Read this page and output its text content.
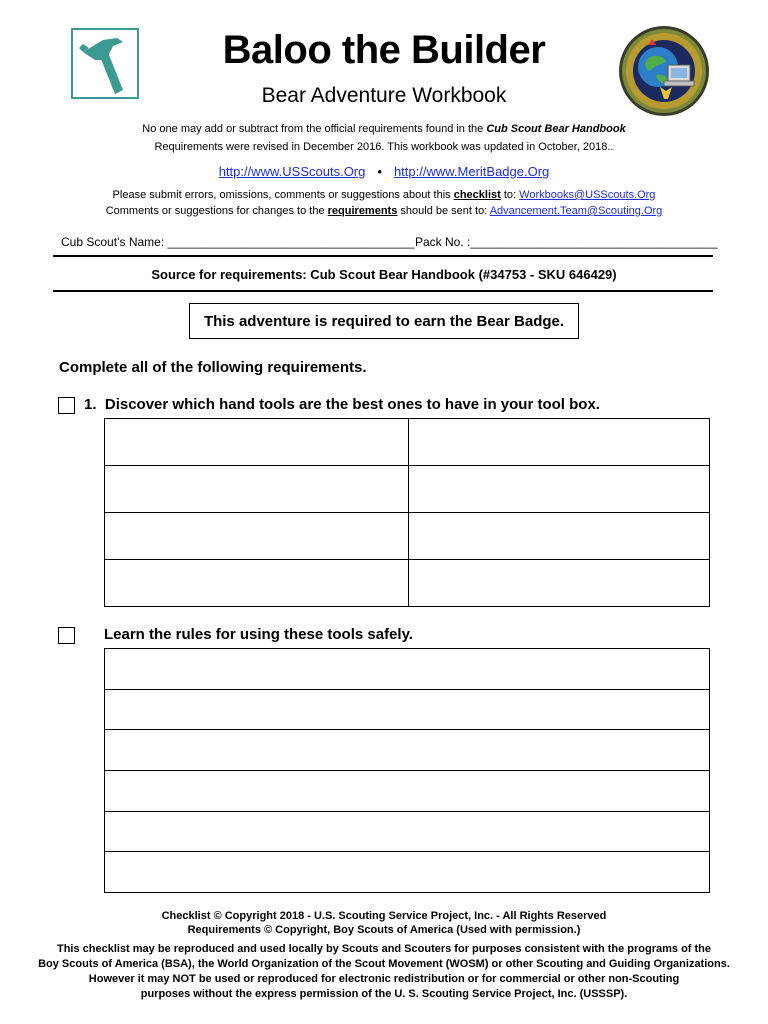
Baloo the Builder
Bear Adventure Workbook
No one may add or subtract from the official requirements found in the Cub Scout Bear Handbook
Requirements were revised in December 2016. This workbook was updated in October, 2018..
http://www.USScouts.Org • http://www.MeritBadge.Org
Please submit errors, omissions, comments or suggestions about this checklist to: Workbooks@USScouts.Org
Comments or suggestions for changes to the requirements should be sent to: Advancement.Team@Scouting.Org
Cub Scout’s Name: _____________________________________ Pack No. :_____________________________________
Source for requirements: Cub Scout Bear Handbook (#34753 - SKU 646429)
This adventure is required to earn the Bear Badge.
Complete all of the following requirements.
1. Discover which hand tools are the best ones to have in your tool box.

Learn the rules for using these tools safely.

Checklist © Copyright 2018 - U.S. Scouting Service Project, Inc. - All Rights Reserved
Requirements © Copyright, Boy Scouts of America (Used with permission.)
This checklist may be reproduced and used locally by Scouts and Scouters for purposes consistent with the programs of the
Boy Scouts of America (BSA), the World Organization of the Scout Movement (WOSM) or other Scouting and Guiding Organizations.
However it may NOT be used or reproduced for electronic redistribution or for commercial or other non-Scouting
purposes without the express permission of the U. S. Scouting Service Project, Inc. (USSSP).
